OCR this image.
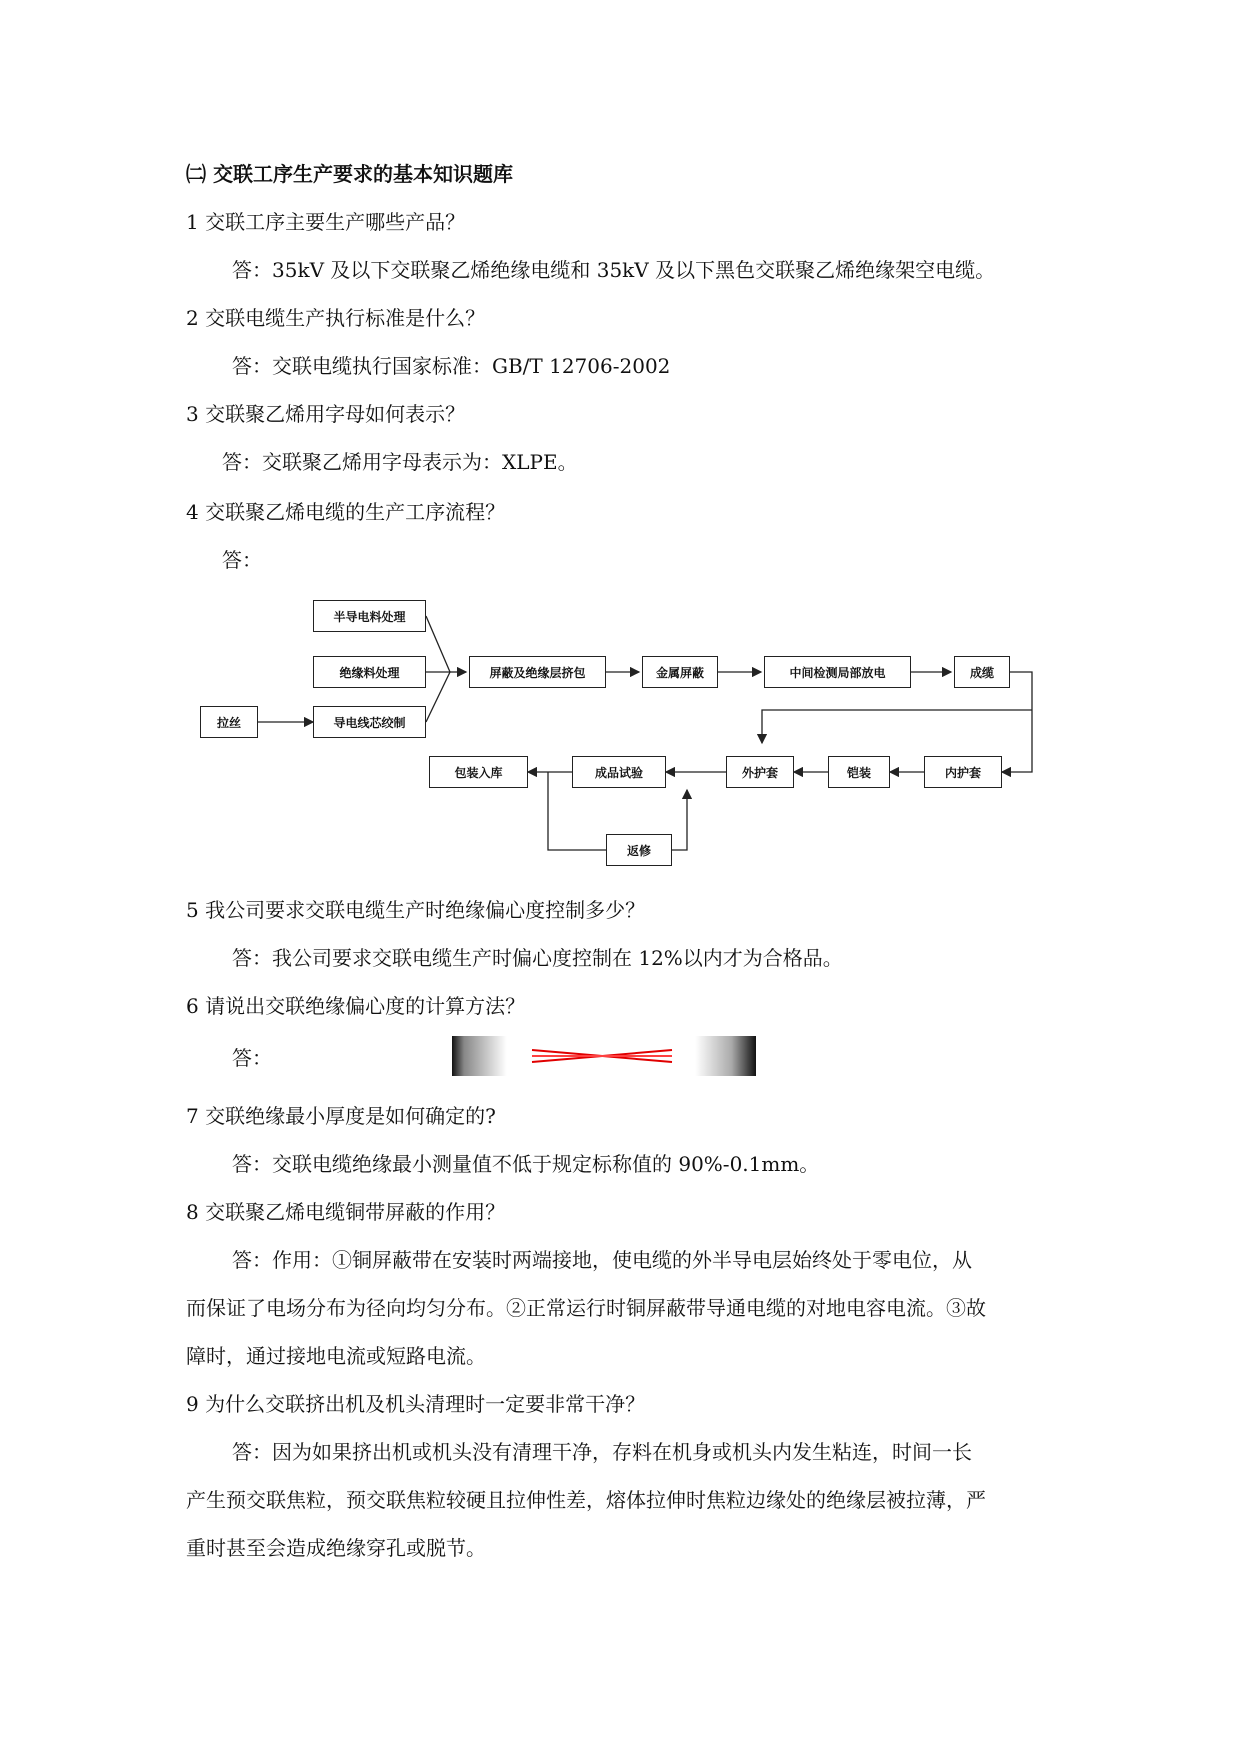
㈡ 交联工序生产要求的基本知识题库
1 交联工序主要生产哪些产品？
答：35kV 及以下交联聚乙烯绝缘电缆和 35kV 及以下黑色交联聚乙烯绝缘架空电缆。
2 交联电缆生产执行标准是什么？
答：交联电缆执行国家标准：GB/T 12706-2002
3 交联聚乙烯用字母如何表示？
答：交联聚乙烯用字母表示为：XLPE。
4 交联聚乙烯电缆的生产工序流程？
答：
半导电料处理
绝缘料处理
拉丝	导电线芯绞制
屏蔽及绝缘层挤包	金属屏蔽	中间检测局部放电	成缆
内护套
铠装
外护套
成品试验
包装入库
返修
5 我公司要求交联电缆生产时绝缘偏心度控制多少？
答：我公司要求交联电缆生产时偏心度控制在 12%以内才为合格品。
6 请说出交联绝缘偏心度的计算方法？
答：
7 交联绝缘最小厚度是如何确定的?
答：交联电缆绝缘最小测量值不低于规定标称值的 90%-0.1mm。
8 交联聚乙烯电缆铜带屏蔽的作用？
答：作用：①铜屏蔽带在安装时两端接地，使电缆的外半导电层始终处于零电位，从
而保证了电场分布为径向均匀分布。②正常运行时铜屏蔽带导通电缆的对地电容电流。③故
障时，通过接地电流或短路电流。
9 为什么交联挤出机及机头清理时一定要非常干净？
答：因为如果挤出机或机头没有清理干净，存料在机身或机头内发生粘连，时间一长
产生预交联焦粒，预交联焦粒较硬且拉伸性差，熔体拉伸时焦粒边缘处的绝缘层被拉薄，严
重时甚至会造成绝缘穿孔或脱节。
